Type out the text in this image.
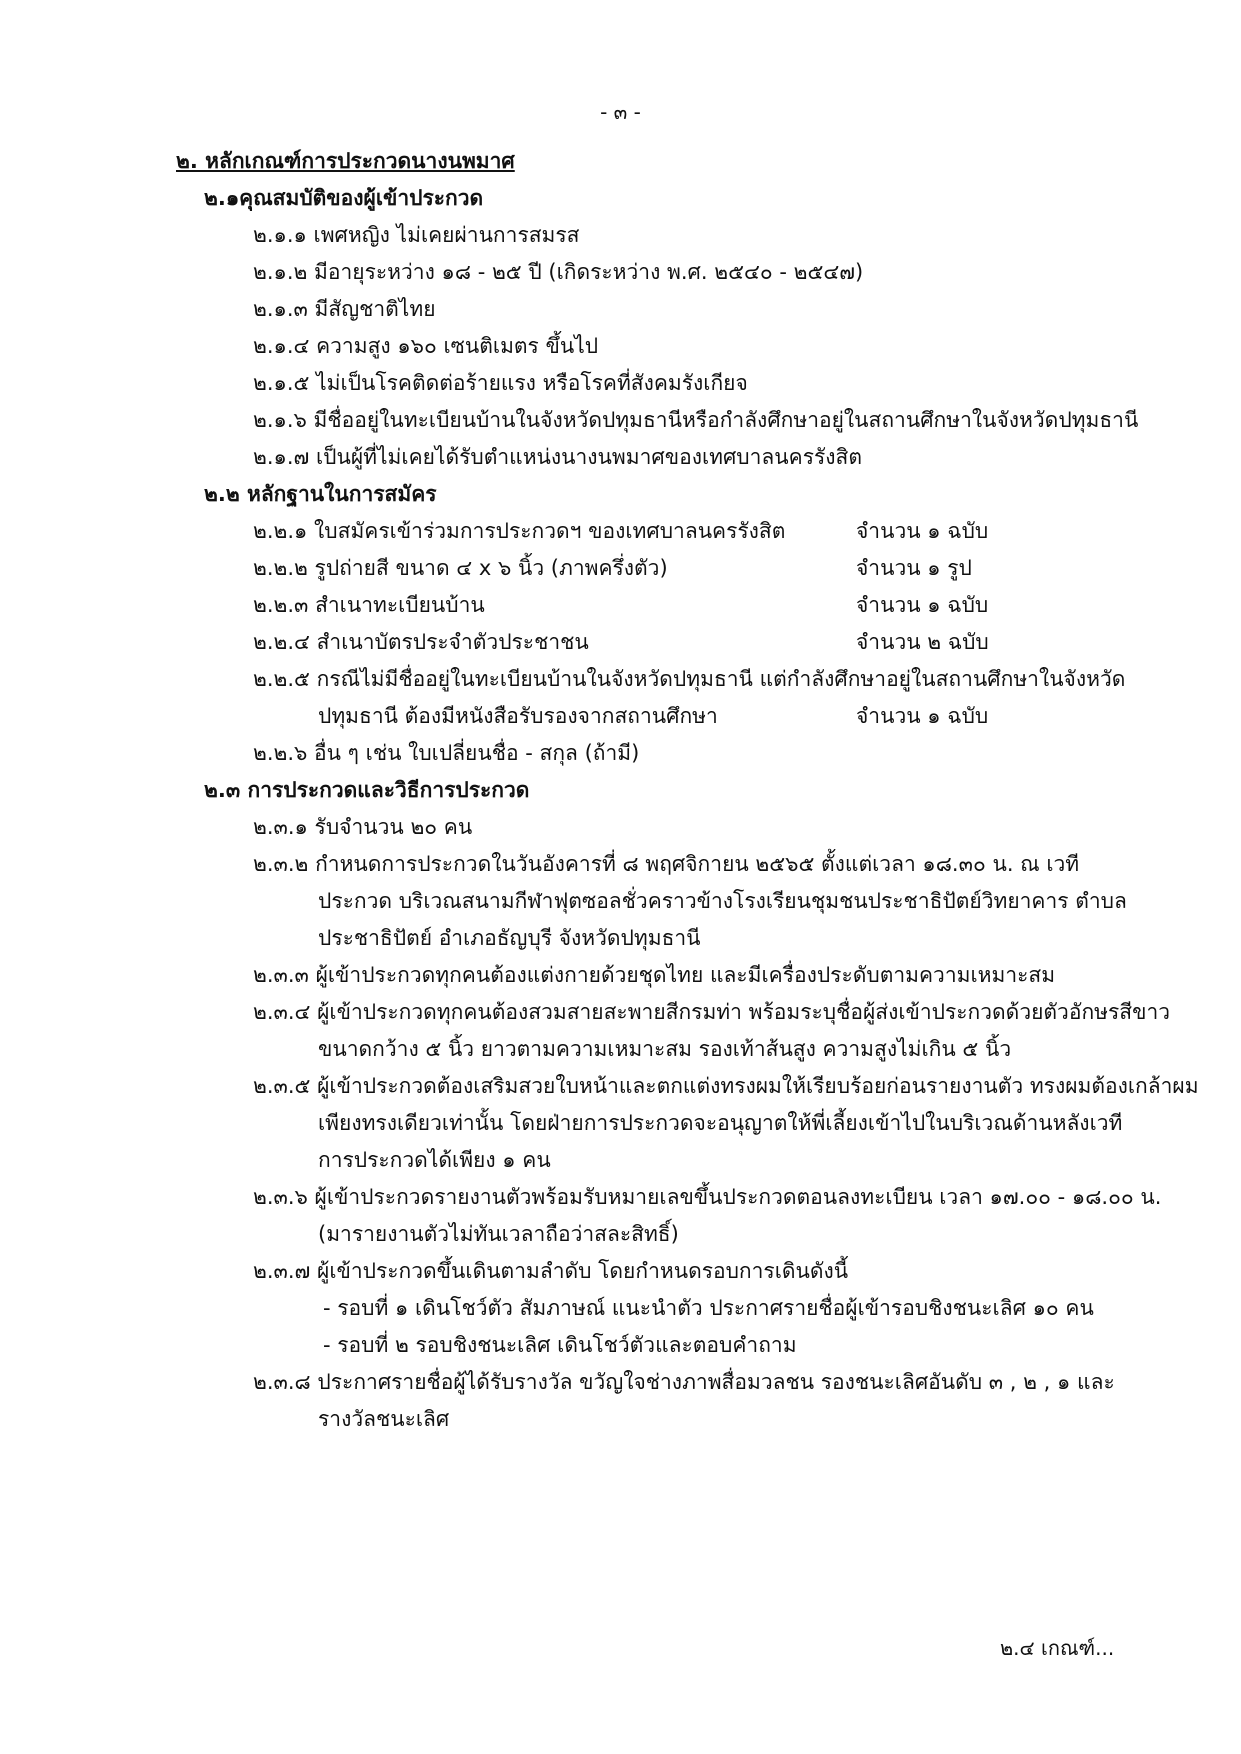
- ๓ -
๒. หลักเกณฑ์การประกวดนางนพมาศ
๒.๑คุณสมบัติของผู้เข้าประกวด
๒.๑.๑ เพศหญิง ไม่เคยผ่านการสมรส
๒.๑.๒ มีอายุระหว่าง ๑๘ - ๒๕ ปี (เกิดระหว่าง พ.ศ. ๒๕๔๐ - ๒๕๔๗)
๒.๑.๓ มีสัญชาติไทย
๒.๑.๔ ความสูง ๑๖๐ เซนติเมตร ขึ้นไป
๒.๑.๕ ไม่เป็นโรคติดต่อร้ายแรง หรือโรคที่สังคมรังเกียจ
๒.๑.๖ มีชื่ออยู่ในทะเบียนบ้านในจังหวัดปทุมธานีหรือกำลังศึกษาอยู่ในสถานศึกษาในจังหวัดปทุมธานี
๒.๑.๗ เป็นผู้ที่ไม่เคยได้รับตำแหน่งนางนพมาศของเทศบาลนครรังสิต
๒.๒ หลักฐานในการสมัคร
๒.๒.๑ ใบสมัครเข้าร่วมการประกวดฯ ของเทศบาลนครรังสิต	จำนวน ๑ ฉบับ
๒.๒.๒ รูปถ่ายสี ขนาด ๔ x ๖ นิ้ว (ภาพครึ่งตัว)	จำนวน ๑ รูป
๒.๒.๓ สำเนาทะเบียนบ้าน	จำนวน ๑ ฉบับ
๒.๒.๔ สำเนาบัตรประจำตัวประชาชน	จำนวน ๒ ฉบับ
๒.๒.๕ กรณีไม่มีชื่ออยู่ในทะเบียนบ้านในจังหวัดปทุมธานี แต่กำลังศึกษาอยู่ในสถานศึกษาในจังหวัด
ปทุมธานี ต้องมีหนังสือรับรองจากสถานศึกษา	จำนวน ๑ ฉบับ
๒.๒.๖ อื่น ๆ เช่น ใบเปลี่ยนชื่อ - สกุล (ถ้ามี)
๒.๓ การประกวดและวิธีการประกวด
๒.๓.๑ รับจำนวน ๒๐ คน
๒.๓.๒ กำหนดการประกวดในวันอังคารที่ ๘ พฤศจิกายน ๒๕๖๕ ตั้งแต่เวลา ๑๘.๓๐ น. ณ เวที
ประกวด บริเวณสนามกีฬาฟุตซอลชั่วคราวข้างโรงเรียนชุมชนประชาธิปัตย์วิทยาคาร ตำบล
ประชาธิปัตย์ อำเภอธัญบุรี จังหวัดปทุมธานี
๒.๓.๓ ผู้เข้าประกวดทุกคนต้องแต่งกายด้วยชุดไทย และมีเครื่องประดับตามความเหมาะสม
๒.๓.๔ ผู้เข้าประกวดทุกคนต้องสวมสายสะพายสีกรมท่า พร้อมระบุชื่อผู้ส่งเข้าประกวดด้วยตัวอักษรสีขาว
ขนาดกว้าง ๕ นิ้ว ยาวตามความเหมาะสม รองเท้าส้นสูง ความสูงไม่เกิน ๕ นิ้ว
๒.๓.๕ ผู้เข้าประกวดต้องเสริมสวยใบหน้าและตกแต่งทรงผมให้เรียบร้อยก่อนรายงานตัว ทรงผมต้องเกล้าผม
เพียงทรงเดียวเท่านั้น โดยฝ่ายการประกวดจะอนุญาตให้พี่เลี้ยงเข้าไปในบริเวณด้านหลังเวที
การประกวดได้เพียง ๑ คน
๒.๓.๖ ผู้เข้าประกวดรายงานตัวพร้อมรับหมายเลขขึ้นประกวดตอนลงทะเบียน เวลา ๑๗.๐๐ - ๑๘.๐๐ น.
(มารายงานตัวไม่ทันเวลาถือว่าสละสิทธิ์)
๒.๓.๗ ผู้เข้าประกวดขึ้นเดินตามลำดับ โดยกำหนดรอบการเดินดังนี้
- รอบที่ ๑ เดินโชว์ตัว สัมภาษณ์ แนะนำตัว ประกาศรายชื่อผู้เข้ารอบชิงชนะเลิศ ๑๐ คน
- รอบที่ ๒ รอบชิงชนะเลิศ เดินโชว์ตัวและตอบคำถาม
๒.๓.๘ ประกาศรายชื่อผู้ได้รับรางวัล ขวัญใจช่างภาพสื่อมวลชน รองชนะเลิศอันดับ ๓ , ๒ , ๑ และ
รางวัลชนะเลิศ
๒.๔ เกณฑ์...
